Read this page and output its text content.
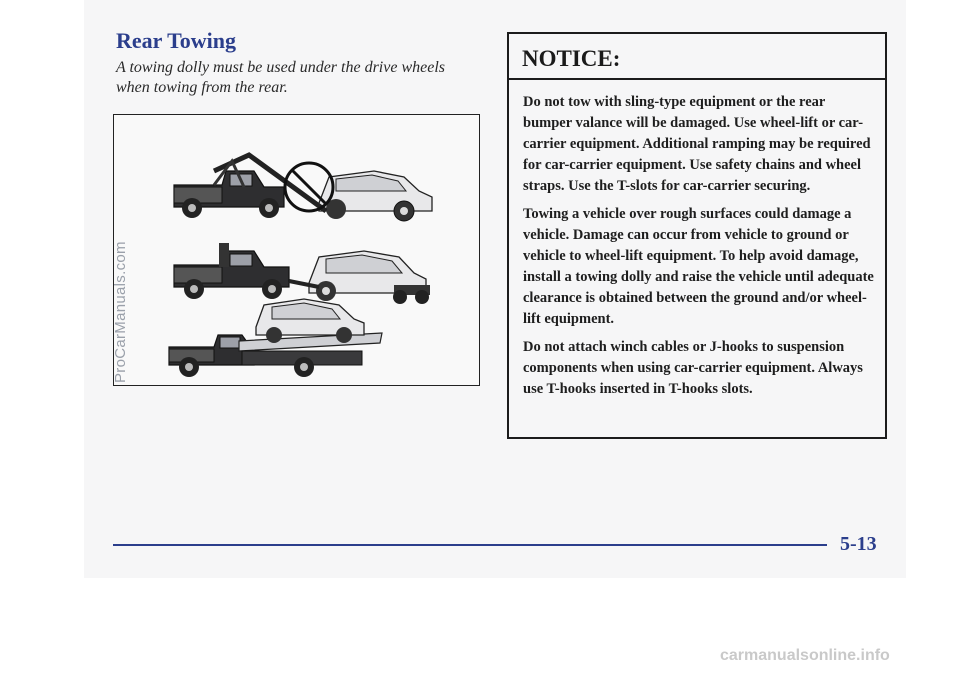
Rear Towing
A towing dolly must be used under the drive wheels when towing from the rear.
ProCarManuals.com
NOTICE:

Do not tow with sling-type equipment or the rear bumper valance will be damaged. Use wheel-lift or car-carrier equipment. Additional ramping may be required for car-carrier equipment. Use safety chains and wheel straps. Use the T-slots for car-carrier securing.

Towing a vehicle over rough surfaces could damage a vehicle. Damage can occur from vehicle to ground or vehicle to wheel-lift equipment. To help avoid damage, install a towing dolly and raise the vehicle until adequate clearance is obtained between the ground and/or wheel-lift equipment.

Do not attach winch cables or J-hooks to suspension components when using car-carrier equipment. Always use T-hooks inserted in T-hooks slots.

5-13
carmanualsonline.info
